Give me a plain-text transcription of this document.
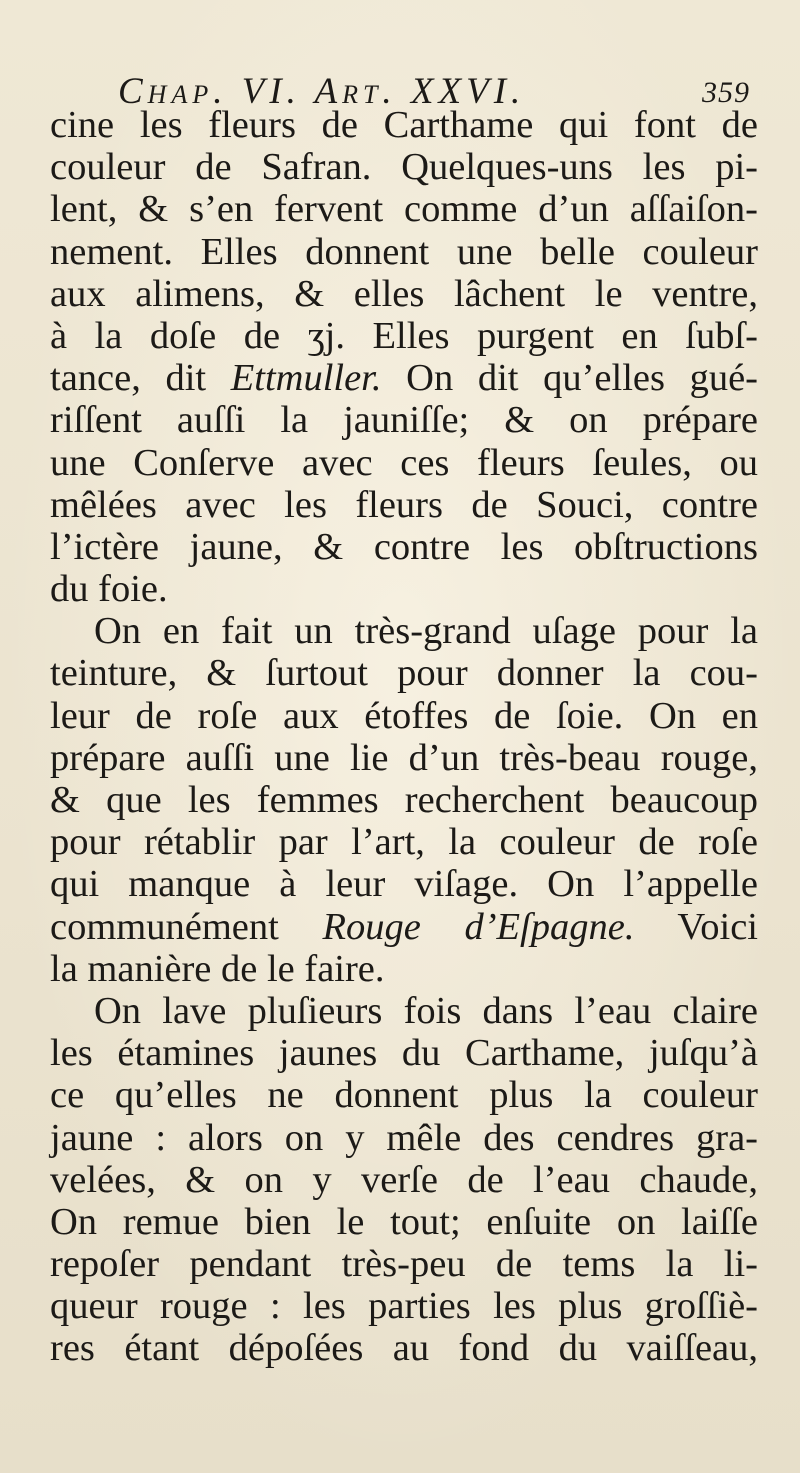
Chap. VI. Art. XXVI.	359
cine les fleurs de Carthame qui font de
couleur de Safran. Quelques-uns les pi-
lent, & s’en fervent comme d’un aſſaiſon-
nement. Elles donnent une belle couleur
aux alimens, & elles lâchent le ventre,
à la doſe de ʒj. Elles purgent en ſubſ-
tance, dit Ettmuller. On dit qu’elles gué-
riſſent auſſi la jauniſſe; & on prépare
une Conſerve avec ces fleurs ſeules, ou
mêlées avec les fleurs de Souci, contre
l’ictère jaune, & contre les obſtructions
du foie.
On en fait un très-grand uſage pour la
teinture, & ſurtout pour donner la cou-
leur de roſe aux étoffes de ſoie. On en
prépare auſſi une lie d’un très-beau rouge,
& que les femmes recherchent beaucoup
pour rétablir par l’art, la couleur de roſe
qui manque à leur viſage. On l’appelle
communément Rouge d’Eſpagne. Voici
la manière de le faire.
On lave pluſieurs fois dans l’eau claire
les étamines jaunes du Carthame, juſqu’à
ce qu’elles ne donnent plus la couleur
jaune : alors on y mêle des cendres gra-
velées, & on y verſe de l’eau chaude,
On remue bien le tout; enſuite on laiſſe
repoſer pendant très-peu de tems la li-
queur rouge : les parties les plus groſſiè-
res étant dépoſées au fond du vaiſſeau,
